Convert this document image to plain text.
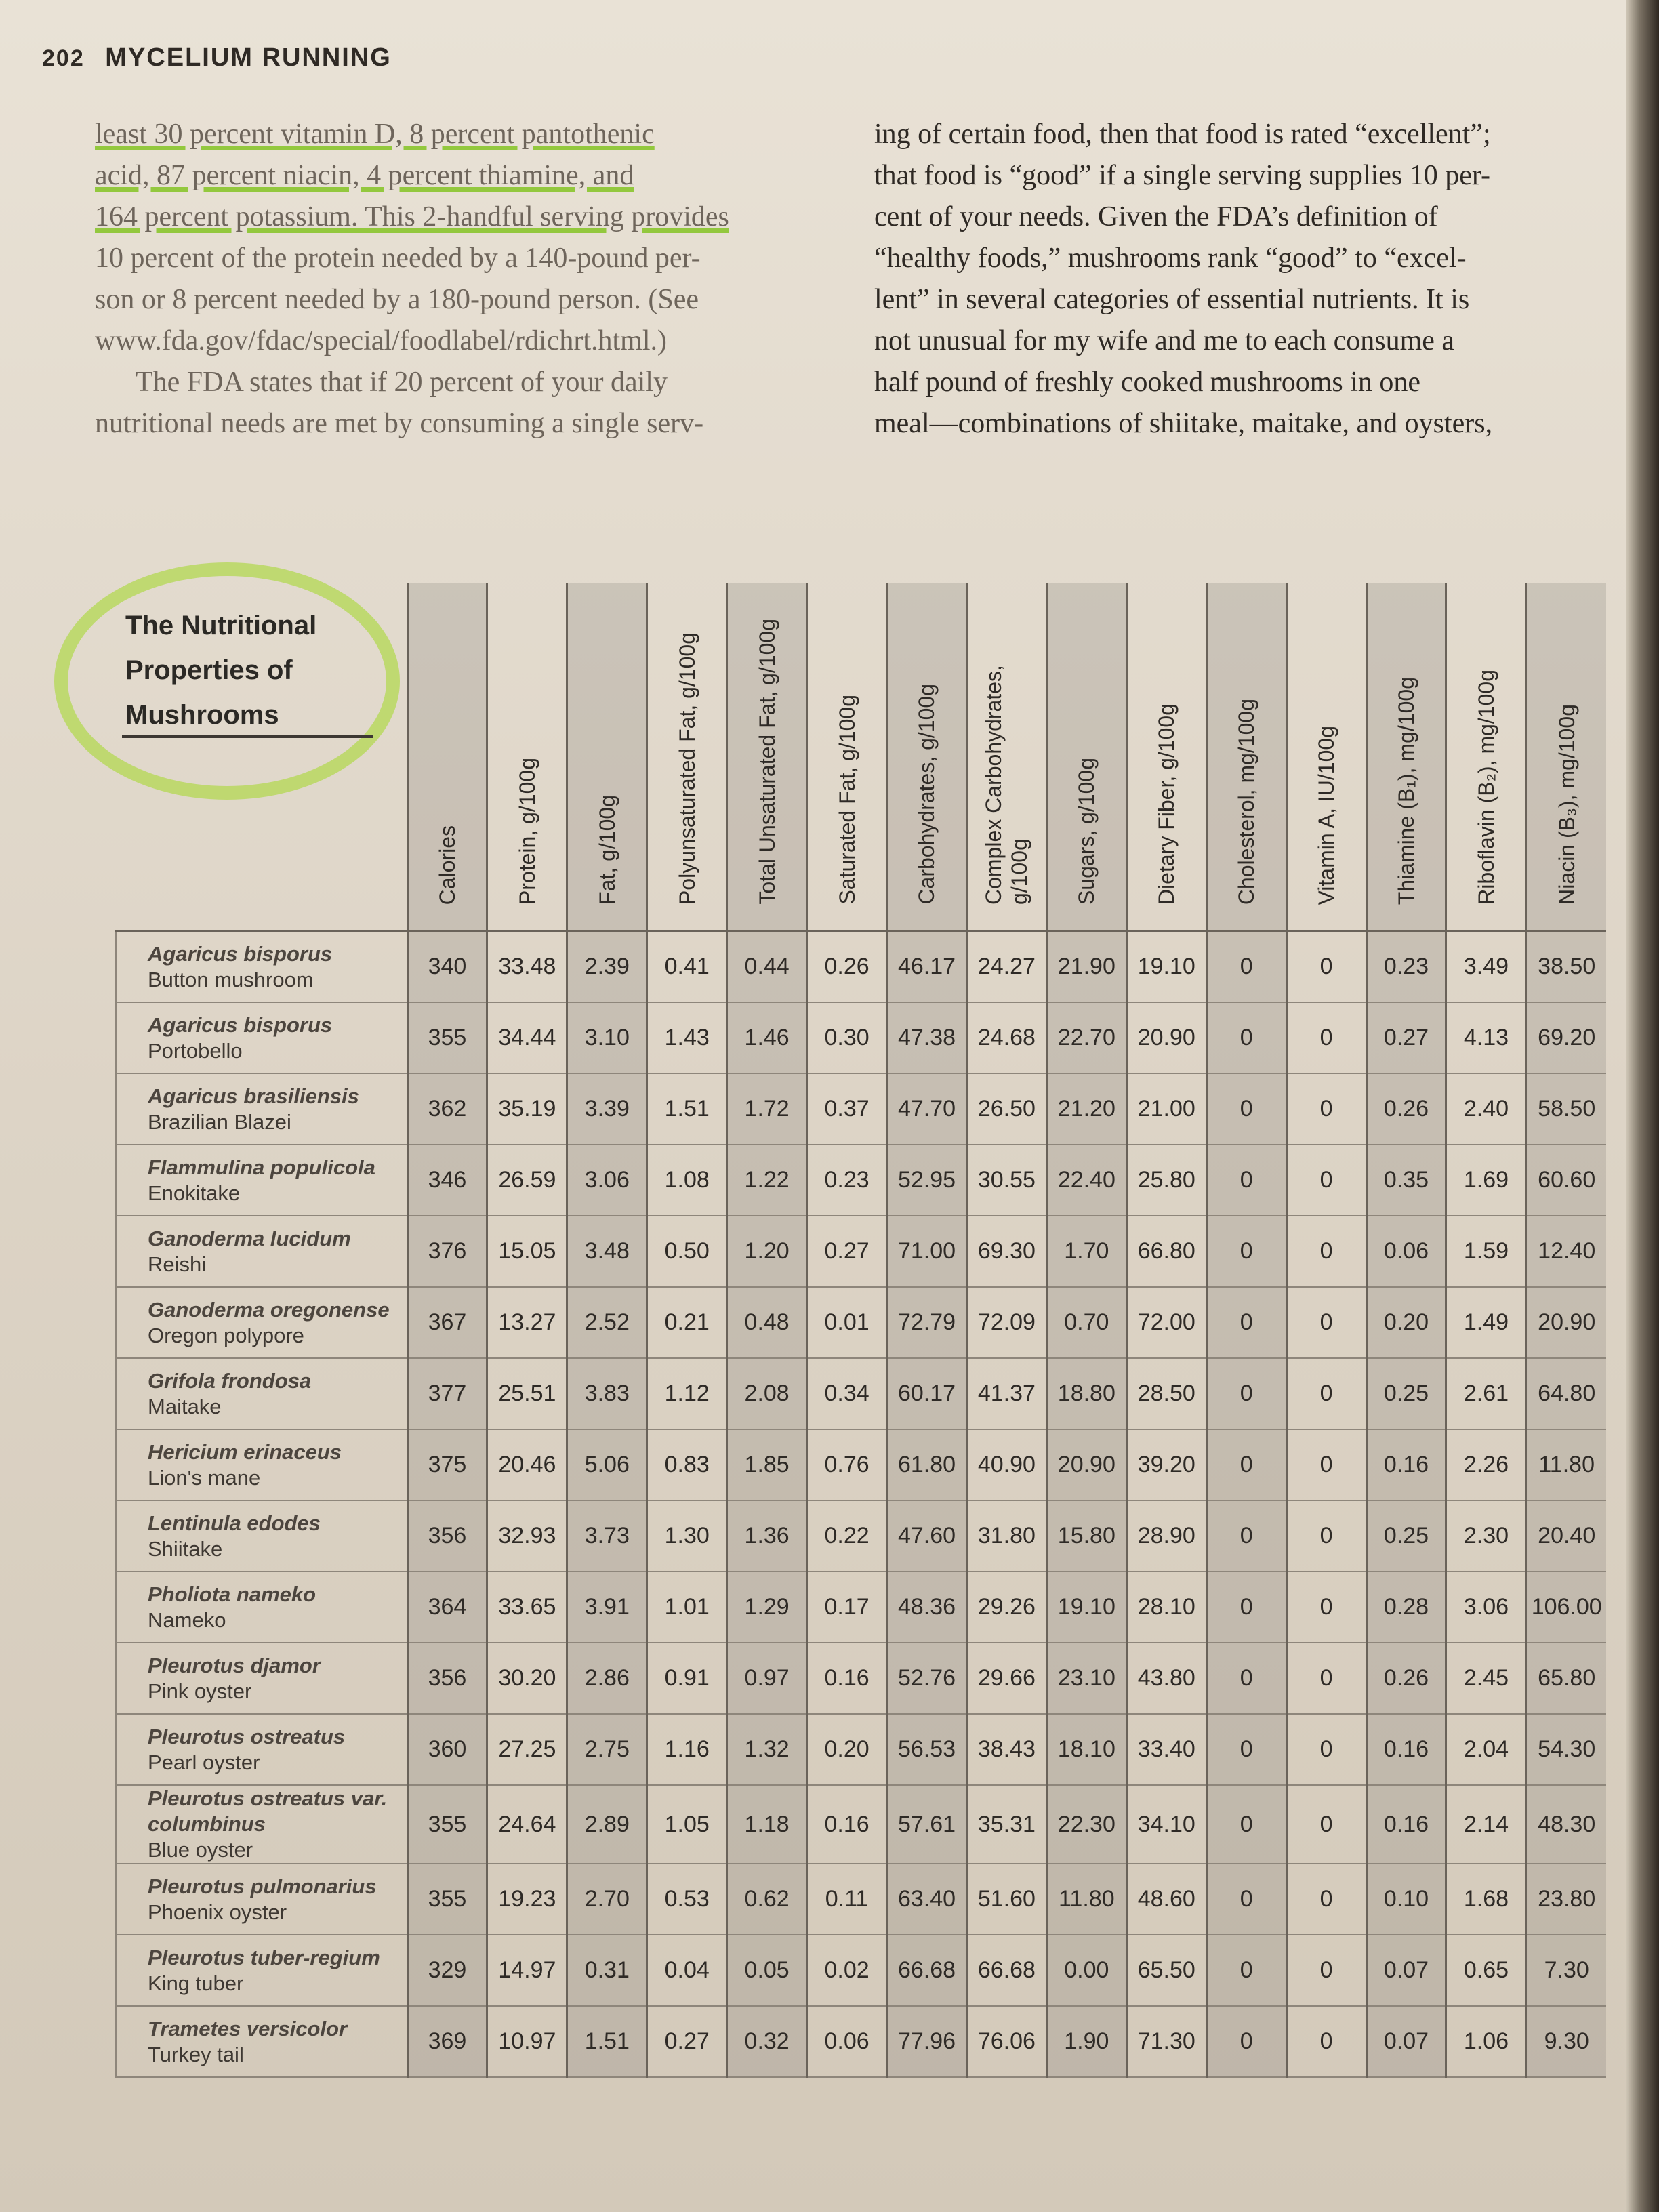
202 MYCELIUM RUNNING

least 30 percent vitamin D, 8 percent pantothenic
acid, 87 percent niacin, 4 percent thiamine, and
164 percent potassium. This 2-handful serving provides
10 percent of the protein needed by a 140-pound per-
son or 8 percent needed by a 180-pound person. (See
www.fda.gov/fdac/special/foodlabel/rdichrt.html.)

The FDA states that if 20 percent of your daily
nutritional needs are met by consuming a single serv-

ing of certain food, then that food is rated “excellent”;
that food is “good” if a single serving supplies 10 per-
cent of your needs. Given the FDA’s definition of
“healthy foods,” mushrooms rank “good” to “excel-
lent” in several categories of essential nutrients. It is
not unusual for my wife and me to each consume a
half pound of freshly cooked mushrooms in one
meal—combinations of shiitake, maitake, and oysters,

	Calories	Protein, g/100g	Fat, g/100g	Polyunsaturated Fat, g/100g	Total Unsaturated Fat, g/100g	Saturated Fat, g/100g	Carbohydrates, g/100g	Complex Carbohydrates, g/100g	Sugars, g/100g	Dietary Fiber, g/100g	Cholesterol, mg/100g	Vitamin A, IU/100g	Thiamine (B₁), mg/100g	Riboflavin (B₂), mg/100g	Niacin (B₃), mg/100g

Agaricus bisporus
Button mushroom	340	33.48	2.39	0.41	0.44	0.26	46.17	24.27	21.90	19.10	0	0	0.23	3.49	38.50

Agaricus bisporus
Portobello	355	34.44	3.10	1.43	1.46	0.30	47.38	24.68	22.70	20.90	0	0	0.27	4.13	69.20

Agaricus brasiliensis
Brazilian Blazei	362	35.19	3.39	1.51	1.72	0.37	47.70	26.50	21.20	21.00	0	0	0.26	2.40	58.50

Flammulina populicola
Enokitake	346	26.59	3.06	1.08	1.22	0.23	52.95	30.55	22.40	25.80	0	0	0.35	1.69	60.60

Ganoderma lucidum
Reishi	376	15.05	3.48	0.50	1.20	0.27	71.00	69.30	1.70	66.80	0	0	0.06	1.59	12.40

Ganoderma oregonense
Oregon polypore	367	13.27	2.52	0.21	0.48	0.01	72.79	72.09	0.70	72.00	0	0	0.20	1.49	20.90

Grifola frondosa
Maitake	377	25.51	3.83	1.12	2.08	0.34	60.17	41.37	18.80	28.50	0	0	0.25	2.61	64.80

Hericium erinaceus
Lion's mane	375	20.46	5.06	0.83	1.85	0.76	61.80	40.90	20.90	39.20	0	0	0.16	2.26	11.80

Lentinula edodes
Shiitake	356	32.93	3.73	1.30	1.36	0.22	47.60	31.80	15.80	28.90	0	0	0.25	2.30	20.40

Pholiota nameko
Nameko	364	33.65	3.91	1.01	1.29	0.17	48.36	29.26	19.10	28.10	0	0	0.28	3.06	106.00

Pleurotus djamor
Pink oyster	356	30.20	2.86	0.91	0.97	0.16	52.76	29.66	23.10	43.80	0	0	0.26	2.45	65.80

Pleurotus ostreatus
Pearl oyster	360	27.25	2.75	1.16	1.32	0.20	56.53	38.43	18.10	33.40	0	0	0.16	2.04	54.30

Pleurotus ostreatus var. columbinus
Blue oyster	355	24.64	2.89	1.05	1.18	0.16	57.61	35.31	22.30	34.10	0	0	0.16	2.14	48.30

Pleurotus pulmonarius
Phoenix oyster	355	19.23	2.70	0.53	0.62	0.11	63.40	51.60	11.80	48.60	0	0	0.10	1.68	23.80

Pleurotus tuber-regium
King tuber	329	14.97	0.31	0.04	0.05	0.02	66.68	66.68	0.00	65.50	0	0	0.07	0.65	7.30

Trametes versicolor
Turkey tail	369	10.97	1.51	0.27	0.32	0.06	77.96	76.06	1.90	71.30	0	0	0.07	1.06	9.30
The Nutritional Properties of Mushrooms
